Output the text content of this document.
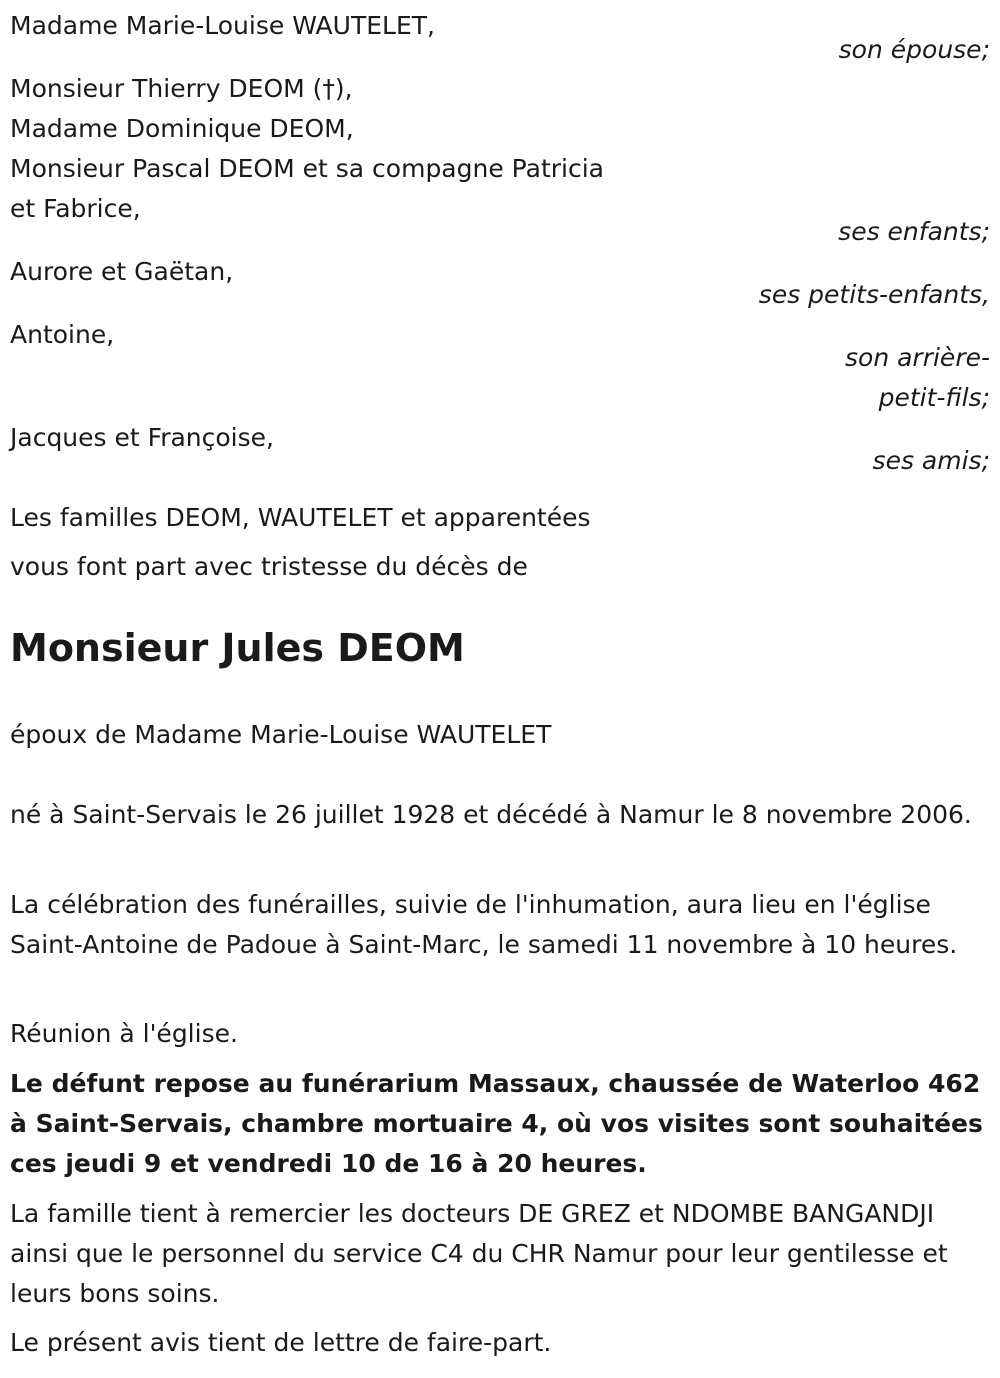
Madame Marie-Louise WAUTELET,

son épouse;

Monsieur Thierry DEOM (†),

Madame Dominique DEOM,

Monsieur Pascal DEOM et sa compagne Patricia

et Fabrice,

ses enfants;

Aurore et Gaëtan,

ses petits-enfants,

Antoine,

son arrière-

petit-fils;

Jacques et Françoise,

ses amis;

Les familles DEOM, WAUTELET et apparentées

vous font part avec tristesse du décès de

Monsieur Jules DEOM

époux de Madame Marie-Louise WAUTELET

né à Saint-Servais le 26 juillet 1928 et décédé à Namur le 8 novembre 2006.

La célébration des funérailles, suivie de l'inhumation, aura lieu en l'église Saint-Antoine de Padoue à Saint-Marc, le samedi 11 novembre à 10 heures.

Réunion à l'église.

Le défunt repose au funérarium Massaux, chaussée de Waterloo 462 à Saint-Servais, chambre mortuaire 4, où vos visites sont souhaitées ces jeudi 9 et vendredi 10 de 16 à 20 heures.

La famille tient à remercier les docteurs DE GREZ et NDOMBE BANGANDJI ainsi que le personnel du service C4 du CHR Namur pour leur gentilesse et leurs bons soins.

Le présent avis tient de lettre de faire-part.
